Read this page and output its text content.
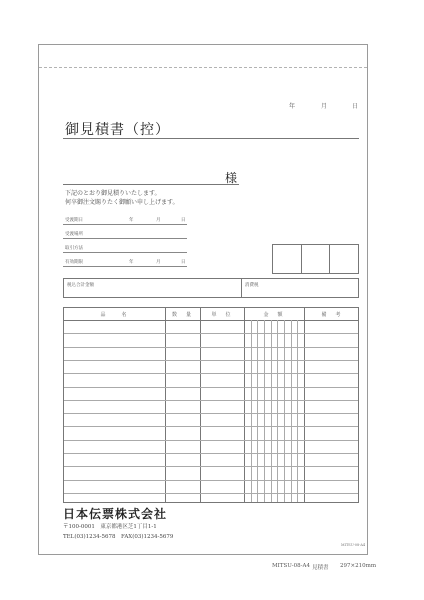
年	月	日
御見積書（控）
様
下記のとおり御見積りいたします。
何卒御注文賜りたく御願い申し上げます。
受渡期日	年	月	日
受渡場所
取引方法
有効期限	年	月	日
税込合計金額	消費税
品　　名	数　量	単　位	金　額	備　考
日本伝票株式会社
〒100-0001　東京都港区芝1丁目1-1
TEL(03)1234-5678　FAX(03)1234-5679
MITSU-08-A4
MITSU-08-A4 見積書 297×210mm
